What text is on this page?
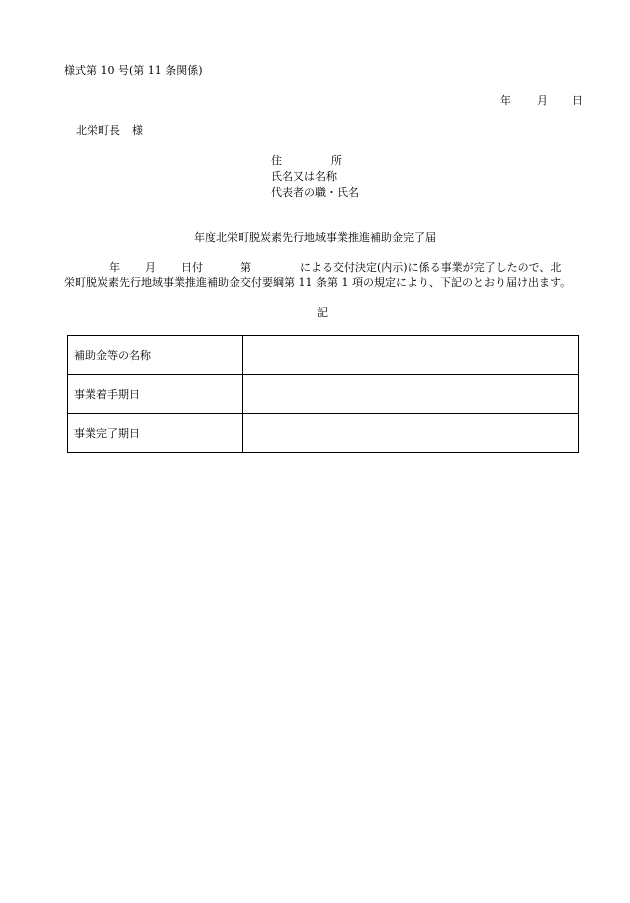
様式第 10 号(第 11 条関係)
年 月 日
北栄町長 様
住	所
氏名又は名称
代表者の職・氏名
年度北栄町脱炭素先行地域事業推進補助金完了届
年 月 日付	第	による交付決定(内示)に係る事業が完了したので、北
栄町脱炭素先行地域事業推進補助金交付要綱第 11 条第 1 項の規定により、下記のとおり届け出ます。
記
補助金等の名称	
事業着手期日	
事業完了期日	
